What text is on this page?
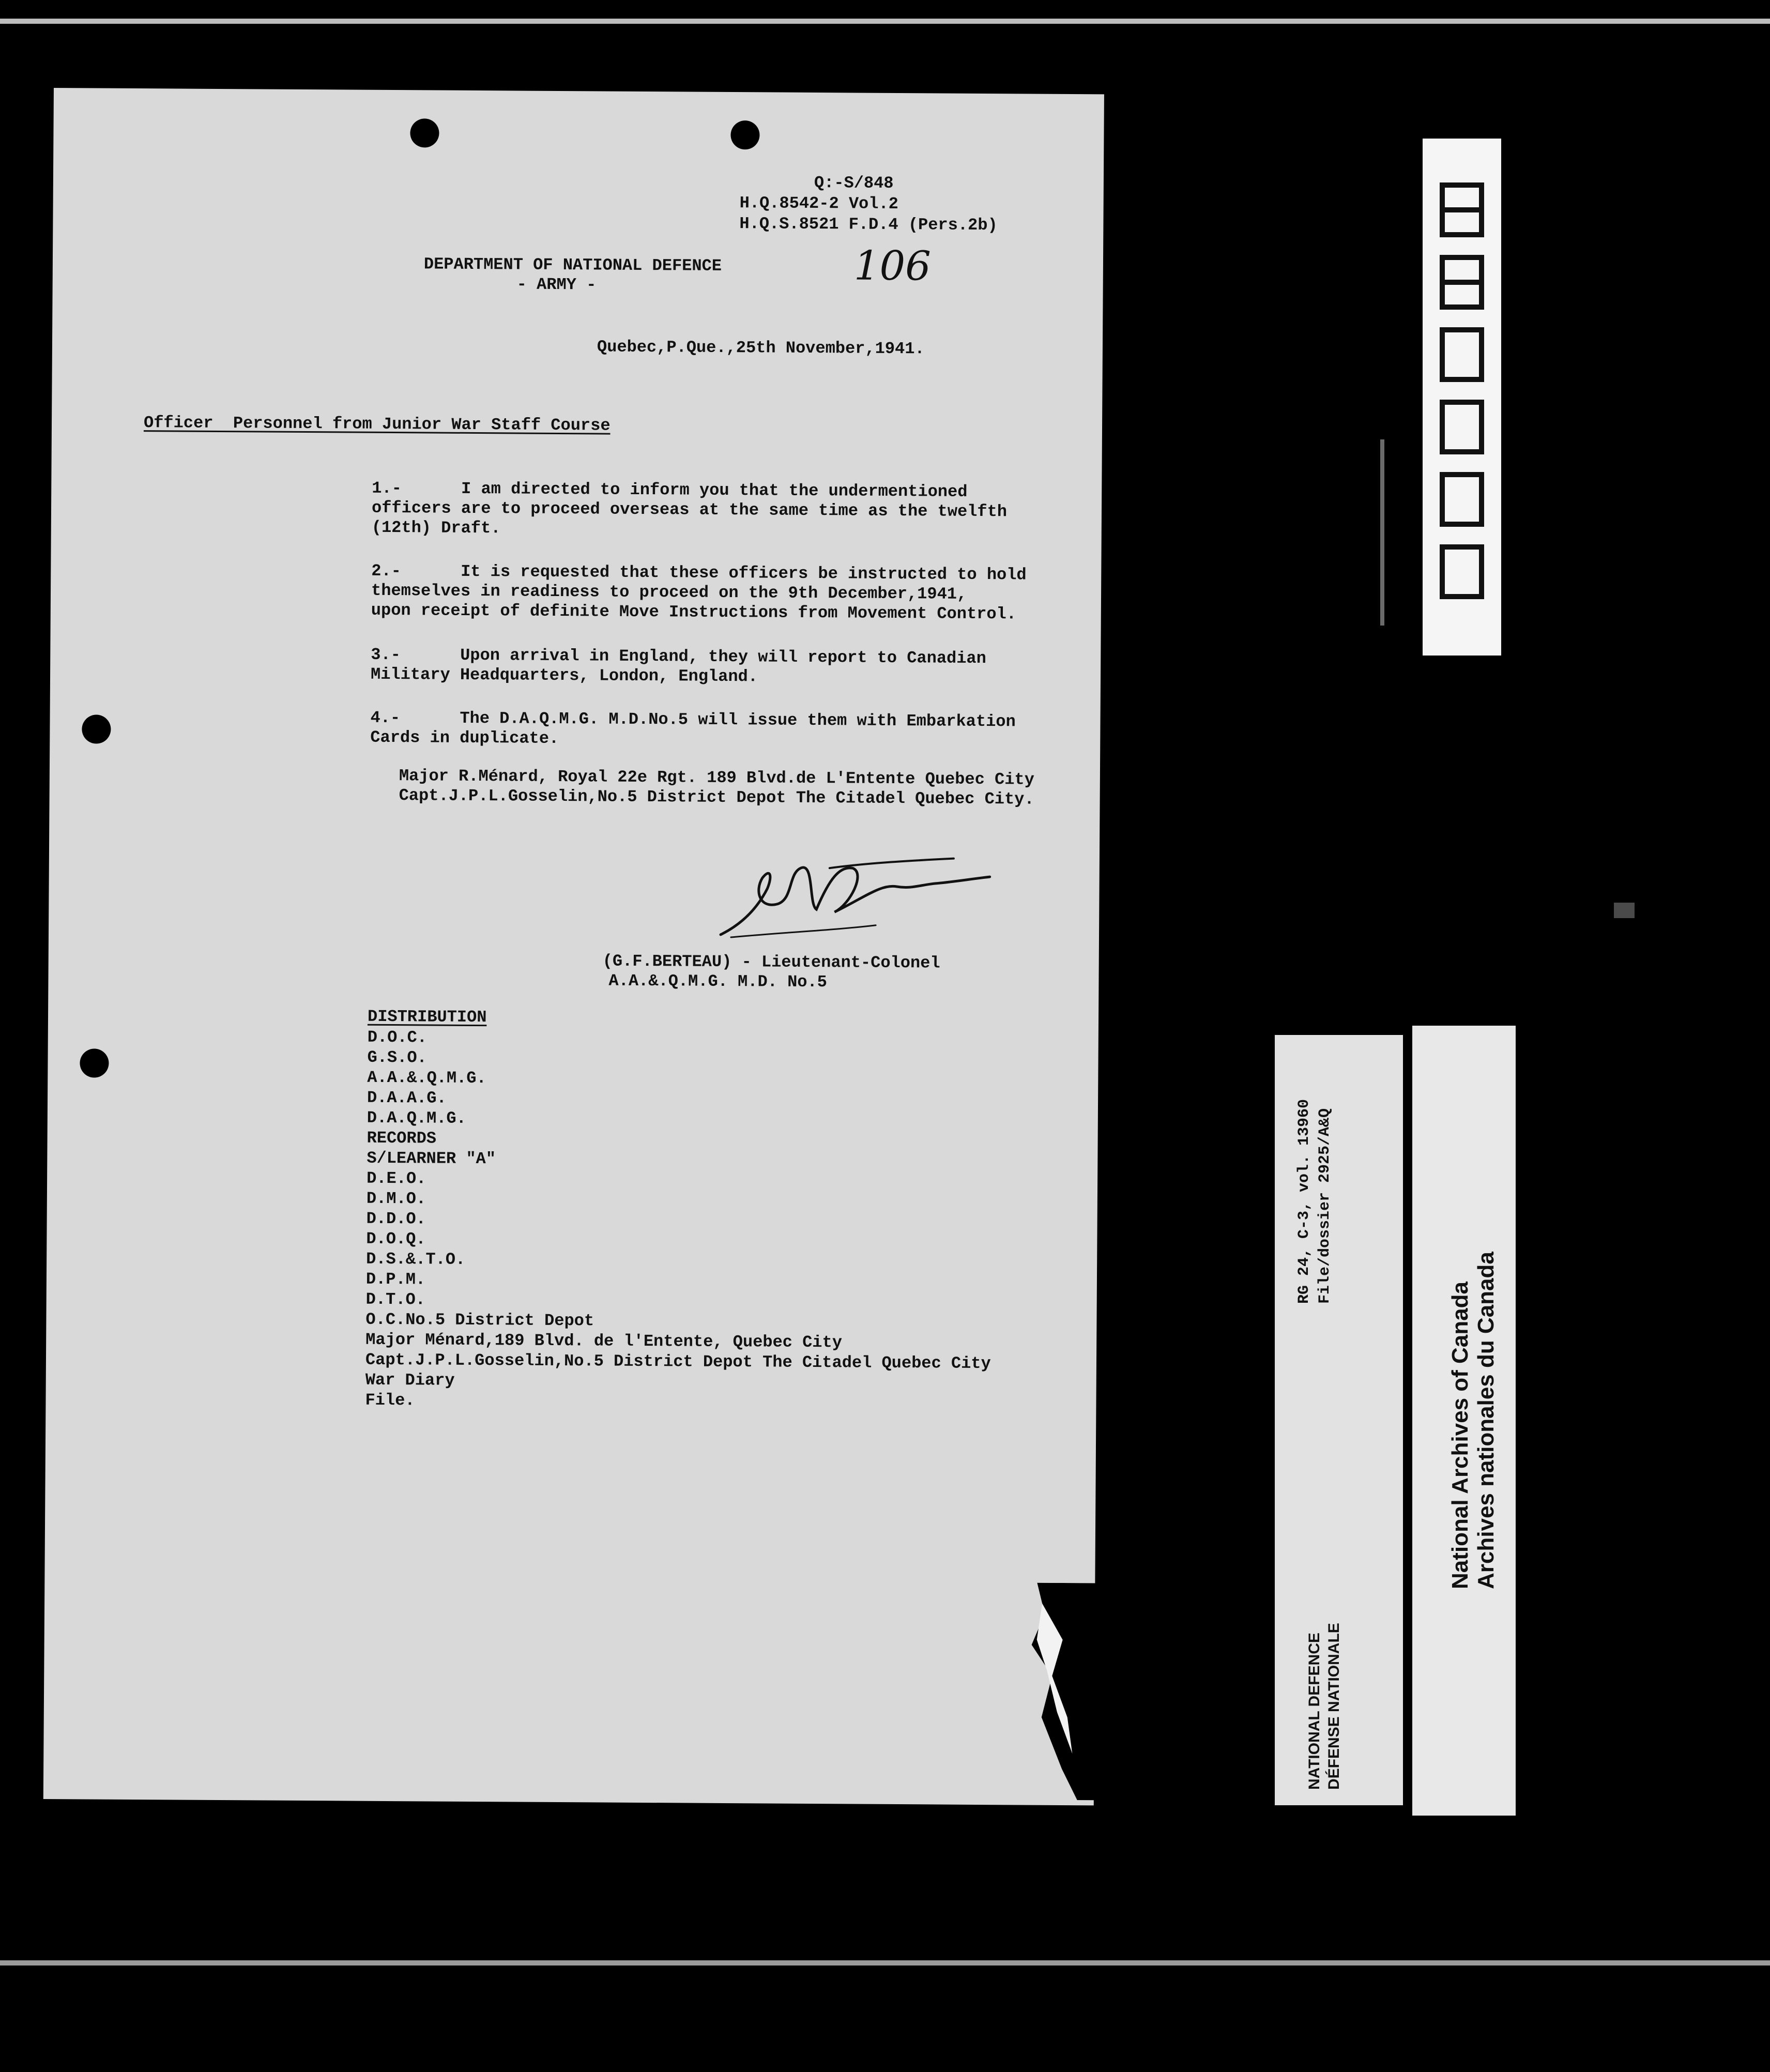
Q:-S/848
H.Q.8542-2 Vol.2
H.Q.S.8521 F.D.4 (Pers.2b)
DEPARTMENT OF NATIONAL DEFENCE
- ARMY -	106
Quebec,P.Que.,25th November,1941.
Officer  Personnel from Junior War Staff Course
1.-      I am directed to inform you that the undermentioned
officers are to proceed overseas at the same time as the twelfth
(12th) Draft.
2.-      It is requested that these officers be instructed to hold
themselves in readiness to proceed on the 9th December,1941,
upon receipt of definite Move Instructions from Movement Control.
3.-      Upon arrival in England, they will report to Canadian
Military Headquarters, London, England.
4.-      The D.A.Q.M.G. M.D.No.5 will issue them with Embarkation
Cards in duplicate.
Major R.Ménard, Royal 22e Rgt. 189 Blvd.de L'Entente Quebec City
Capt.J.P.L.Gosselin,No.5 District Depot The Citadel Quebec City.
(G.F.BERTEAU) - Lieutenant-Colonel
A.A.&.Q.M.G. M.D. No.5
DISTRIBUTION
D.O.C.
G.S.O.
A.A.&.Q.M.G.
D.A.A.G.
D.A.Q.M.G.
RECORDS
S/LEARNER "A"
D.E.O.
D.M.O.
D.D.O.
D.O.Q.
D.S.&.T.O.
D.P.M.
D.T.O.
O.C.No.5 District Depot
Major Ménard,189 Blvd. de l'Entente, Quebec City
Capt.J.P.L.Gosselin,No.5 District Depot The Citadel Quebec City
War Diary
File.
RG 24, C-3, vol. 13960 File/dossier 2925/A&Q
NATIONAL DEFENCE DÉFENSE NATIONALE
National Archives of Canada Archives nationales du Canada
